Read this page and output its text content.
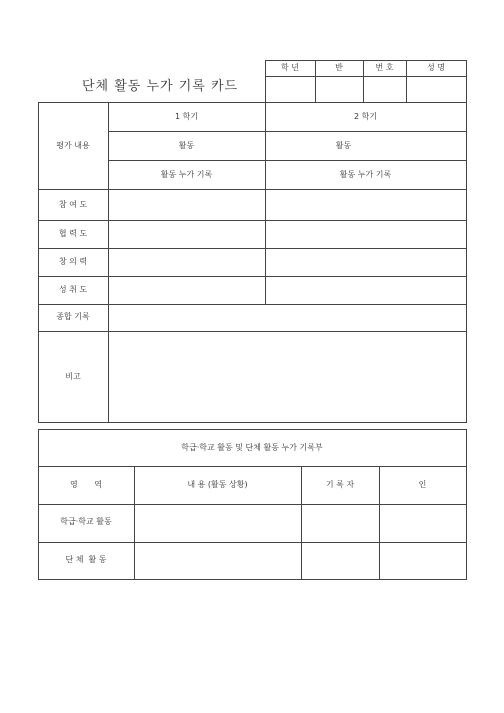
단체 활동 누가 기록 카드
학 년	반	번 호	성 명
평가 내용
1 학기	2 학기
활동	활동
활동 누가 기록	활동 누가 기록
참 여 도
협 력 도
창 의 력
성 취 도
종합 기록
비고
학급·학교 활동 및 단체 활동 누가 기록부
영 역	내 용 (활동 상황)	기 록 자	인
학급·학교 활동
단 체  활 동
